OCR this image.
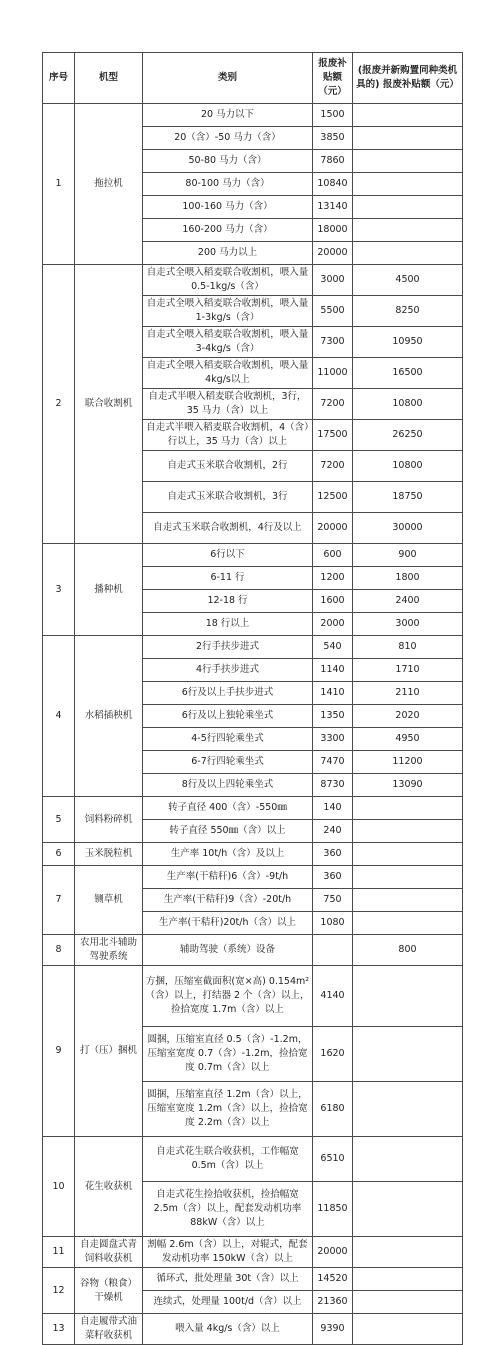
序号	机型	类别	报废补贴额（元）	(报废并新购置同种类机具的) 报废补贴额（元）
1	拖拉机	20 马力以下	1500	
		20（含）-50 马力（含）	3850	
		50-80 马力（含）	7860	
		80-100 马力（含）	10840	
		100-160 马力（含）	13140	
		160-200 马力（含）	18000	
		200 马力以上	20000	
2	联合收割机	自走式全喂入稻麦联合收割机，喂入量 0.5-1kg/s（含）	3000	4500
		自走式全喂入稻麦联合收割机，喂入量 1-3kg/s（含）	5500	8250
		自走式全喂入稻麦联合收割机，喂入量 3-4kg/s（含）	7300	10950
		自走式全喂入稻麦联合收割机，喂入量 4kg/s以上	11000	16500
		自走式半喂入稻麦联合收割机，3行，35 马力（含）以上	7200	10800
		自走式半喂入稻麦联合收割机，4（含）行以上，35 马力（含）以上	17500	26250
		自走式玉米联合收割机，2行	7200	10800
		自走式玉米联合收割机，3行	12500	18750
		自走式玉米联合收割机，4行及以上	20000	30000
3	播种机	6行以下	600	900
		6-11 行	1200	1800
		12-18 行	1600	2400
		18 行以上	2000	3000
4	水稻插秧机	2行手扶步进式	540	810
		4行手扶步进式	1140	1710
		6行及以上手扶步进式	1410	2110
		6行及以上独轮乘坐式	1350	2020
		4-5行四轮乘坐式	3300	4950
		6-7行四轮乘坐式	7470	11200
		8行及以上四轮乘坐式	8730	13090
5	饲料粉碎机	转子直径 400（含）-550㎜	140	
		转子直径 550㎜（含）以上	240	
6	玉米脱粒机	生产率 10t/h（含）及以上	360	
7	铡草机	生产率(干秸秆)6（含）-9t/h	360	
		生产率(干秸秆)9（含）-20t/h	750	
		生产率(干秸秆)20t/h（含）以上	1080	
8	农用北斗辅助驾驶系统	辅助驾驶（系统）设备		800
9	打（压）捆机	方捆，压缩室截面积(宽×高) 0.154m²（含）以上，打结器 2 个（含）以上，捡拾宽度 1.7m（含）以上	4140	
		圆捆，压缩室直径 0.5（含）-1.2m，压缩室宽度 0.7（含）-1.2m，捡拾宽度 0.7m（含）以上	1620	
		圆捆，压缩室直径 1.2m（含）以上，压缩室宽度 1.2m（含）以上，捡拾宽度 2.2m（含）以上	6180	
10	花生收获机	自走式花生联合收获机，工作幅宽 0.5m（含）以上	6510	
		自走式花生捡拾收获机，捡拾幅宽 2.5m（含）以上，配套发动机功率 88kW（含）以上	11850	
11	自走圆盘式青饲料收获机	割幅 2.6m（含）以上，对辊式，配套发动机功率 150kW（含）以上	20000	
12	谷物（粮食）干燥机	循环式，批处理量 30t（含）以上	14520	
		连续式，处理量 100t/d（含）以上	21360	
13	自走履带式油菜籽收获机	喂入量 4kg/s（含）以上	9390	
